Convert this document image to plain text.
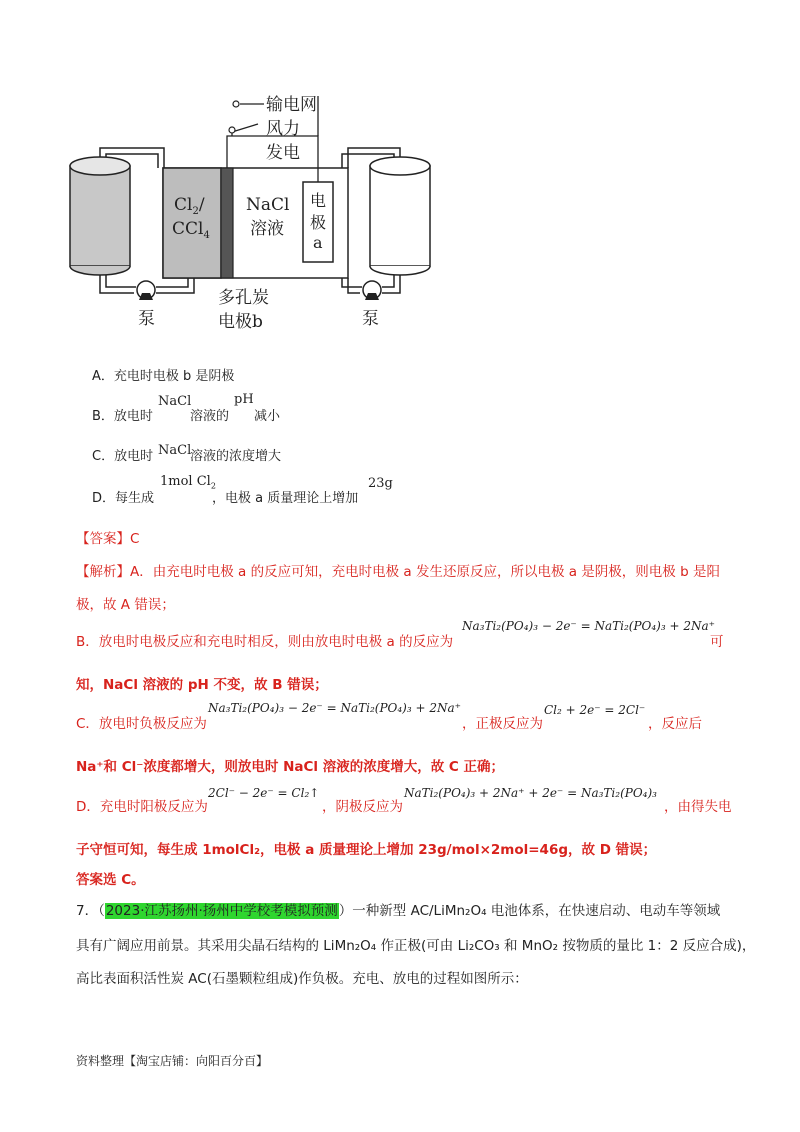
输电网
风力
发电
$Cl_2/$
CCl$_4$
NaCl
溶液
电
极
a
多孔炭
电极b
泵	泵
A．充电时电极 b 是阴极
B．放电时
NaCl
溶液的
pH
减小
C．放电时 NaCl
溶液的浓度增大
D．每生成
1mol $Cl_2$
，电极 a 质量理论上增加
23g
【答案】C
【解析】A．由充电时电极 a 的反应可知，充电时电极 a 发生还原反应，所以电极 a 是阴极，则电极 b 是阳
极，故 A 错误；
B．放电时电极反应和充电时相反，则由放电时电极 a 的反应为
Na₃Ti₂(PO₄)₃ − 2e⁻ = NaTi₂(PO₄)₃ + 2Na⁺
可
知，NaCl 溶液的 pH 不变，故 B 错误；
C．放电时负极反应为
Na₃Ti₂(PO₄)₃ − 2e⁻ = NaTi₂(PO₄)₃ + 2Na⁺
，正极反应为
Cl₂ + 2e⁻ = 2Cl⁻
，反应后
Na⁺和 Cl⁻浓度都增大，则放电时 NaCl 溶液的浓度增大，故 C 正确；
D．充电时阳极反应为
2Cl⁻ − 2e⁻ = Cl₂↑
，阴极反应为
NaTi₂(PO₄)₃ + 2Na⁺ + 2e⁻ = Na₃Ti₂(PO₄)₃
，由得失电
子守恒可知，每生成 1molCl₂，电极 a 质量理论上增加 23g/mol×2mol=46g，故 D 错误；
答案选 C。
7．（2023·江苏扬州·扬州中学校考模拟预测）一种新型 AC/LiMn₂O₄ 电池体系，在快速启动、电动车等领域
具有广阔应用前景。其采用尖晶石结构的 LiMn₂O₄ 作正极(可由 Li₂CO₃ 和 MnO₂ 按物质的量比 1：2 反应合成)，
高比表面积活性炭 AC(石墨颗粒组成)作负极。充电、放电的过程如图所示：
资料整理【淘宝店铺：向阳百分百】
